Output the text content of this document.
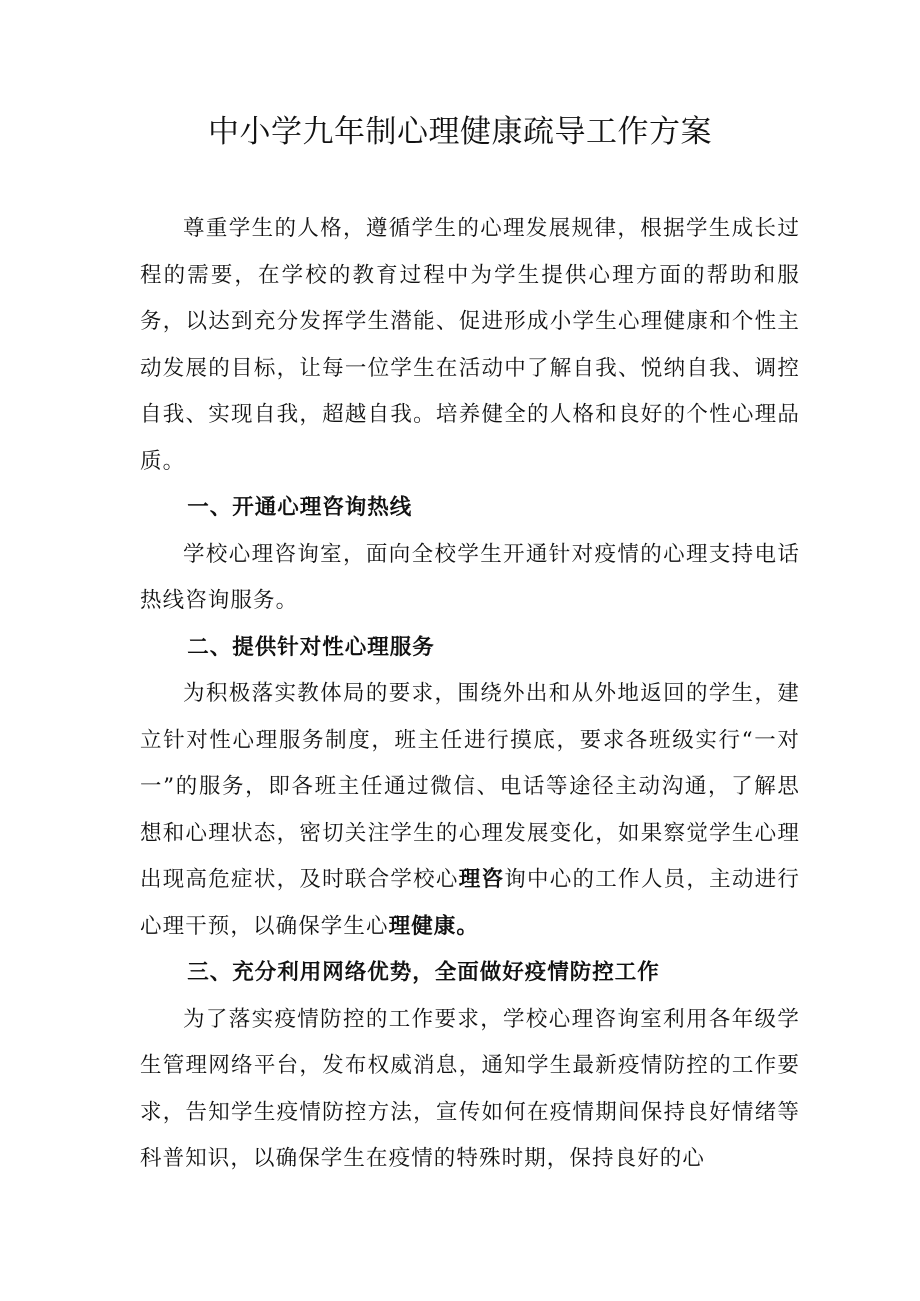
中小学九年制心理健康疏导工作方案

尊重学生的人格，遵循学生的心理发展规律，根据学生成长过程的需要，在学校的教育过程中为学生提供心理方面的帮助和服务，以达到充分发挥学生潜能、促进形成小学生心理健康和个性主动发展的目标，让每一位学生在活动中了解自我、悦纳自我、调控自我、实现自我，超越自我。培养健全的人格和良好的个性心理品质。

一、开通心理咨询热线

学校心理咨询室，面向全校学生开通针对疫情的心理支持电话热线咨询服务。

二、提供针对性心理服务

为积极落实教体局的要求，围绕外出和从外地返回的学生，建立针对性心理服务制度，班主任进行摸底，要求各班级实行“一对一”的服务，即各班主任通过微信、电话等途径主动沟通，了解思想和心理状态，密切关注学生的心理发展变化，如果察觉学生心理出现高危症状，及时联合学校心理咨询中心的工作人员，主动进行心理干预，以确保学生心理健康。

三、充分利用网络优势，全面做好疫情防控工作

为了落实疫情防控的工作要求，学校心理咨询室利用各年级学生管理网络平台，发布权威消息，通知学生最新疫情防控的工作要求，告知学生疫情防控方法，宣传如何在疫情期间保持良好情绪等科普知识，以确保学生在疫情的特殊时期，保持良好的心
